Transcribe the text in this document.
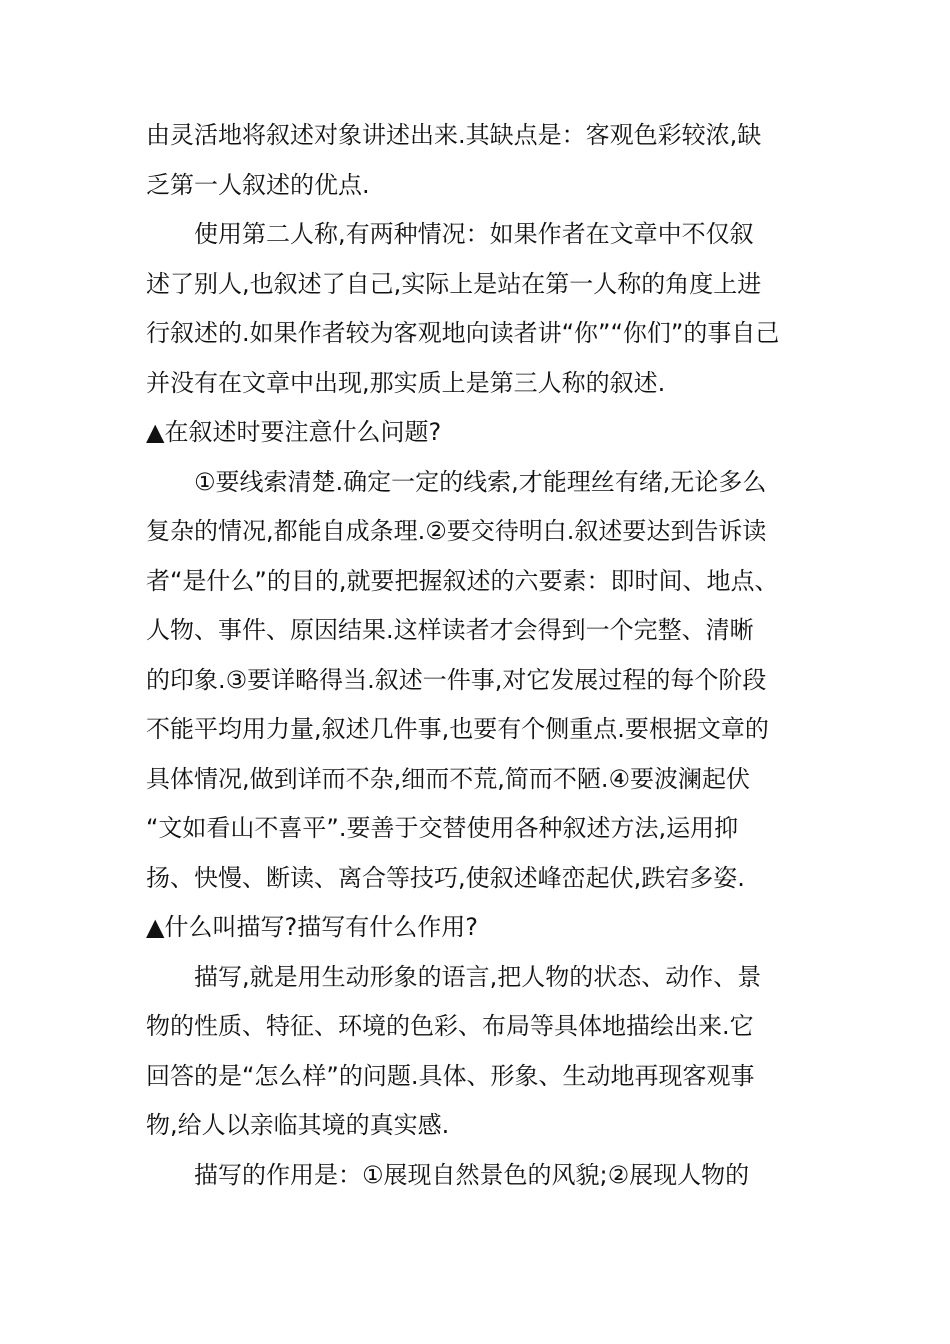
由灵活地将叙述对象讲述出来.其缺点是：客观色彩较浓,缺
乏第一人叙述的优点.
使用第二人称,有两种情况：如果作者在文章中不仅叙
述了别人,也叙述了自己,实际上是站在第一人称的角度上进
行叙述的.如果作者较为客观地向读者讲“你”“你们”的事自己
并没有在文章中出现,那实质上是第三人称的叙述.
▲在叙述时要注意什么问题?
①要线索清楚.确定一定的线索,才能理丝有绪,无论多么
复杂的情况,都能自成条理.②要交待明白.叙述要达到告诉读
者“是什么”的目的,就要把握叙述的六要素：即时间、地点、
人物、事件、原因结果.这样读者才会得到一个完整、清晰
的印象.③要详略得当.叙述一件事,对它发展过程的每个阶段
不能平均用力量,叙述几件事,也要有个侧重点.要根据文章的
具体情况,做到详而不杂,细而不荒,简而不陋.④要波澜起伏
“文如看山不喜平”.要善于交替使用各种叙述方法,运用抑
扬、快慢、断读、离合等技巧,使叙述峰峦起伏,跌宕多姿.
▲什么叫描写?描写有什么作用?
描写,就是用生动形象的语言,把人物的状态、动作、景
物的性质、特征、环境的色彩、布局等具体地描绘出来.它
回答的是“怎么样”的问题.具体、形象、生动地再现客观事
物,给人以亲临其境的真实感.
描写的作用是：①展现自然景色的风貌;②展现人物的
